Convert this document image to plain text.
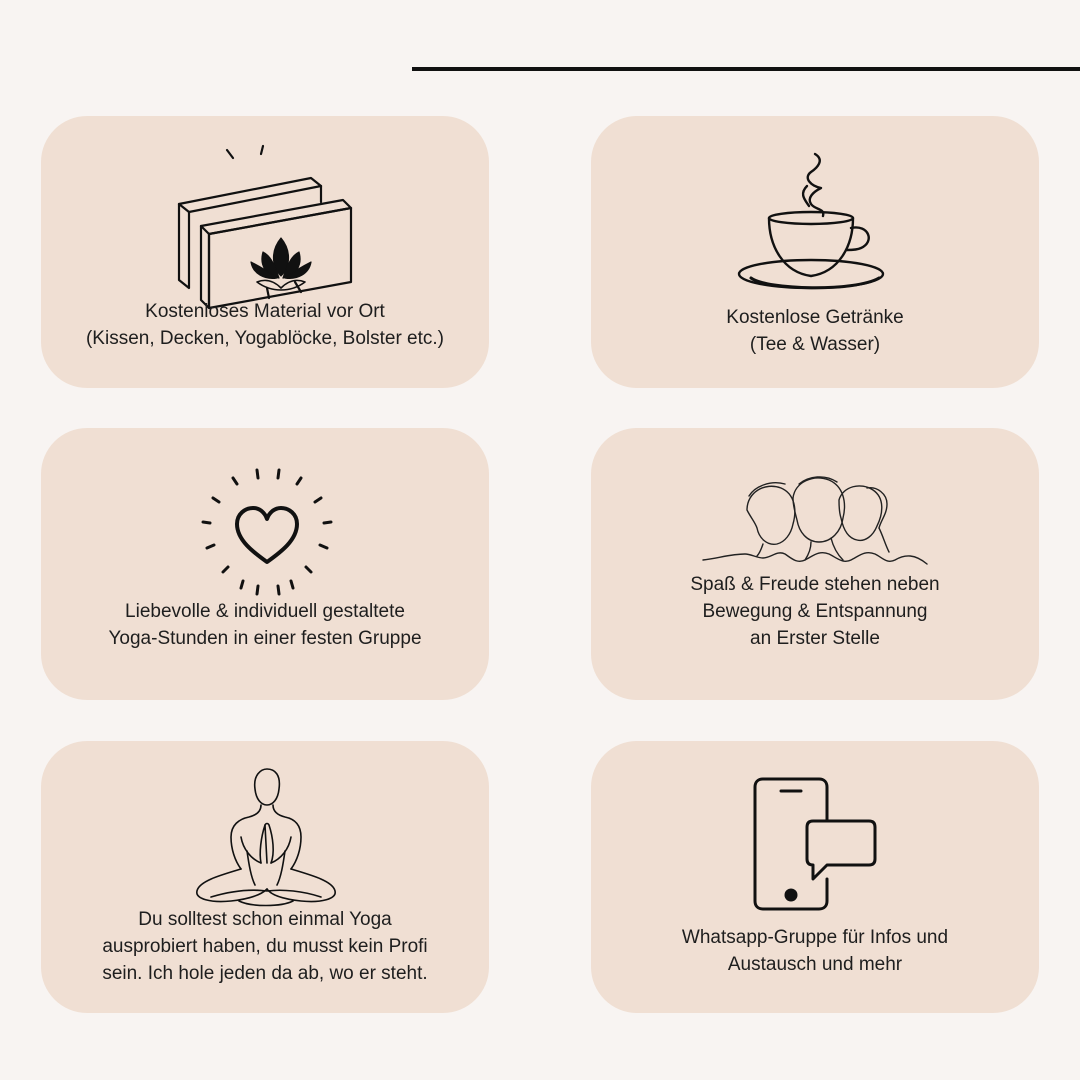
Kostenloses Material vor Ort
(Kissen, Decken, Yogablöcke, Bolster etc.)
Kostenlose Getränke
(Tee & Wasser)
Liebevolle & individuell gestaltete
Yoga-Stunden in einer festen Gruppe
Spaß & Freude stehen neben
Bewegung & Entspannung
an Erster Stelle
Du solltest schon einmal Yoga
ausprobiert haben, du musst kein Profi
sein. Ich hole jeden da ab, wo er steht.
Whatsapp-Gruppe für Infos und
Austausch und mehr
